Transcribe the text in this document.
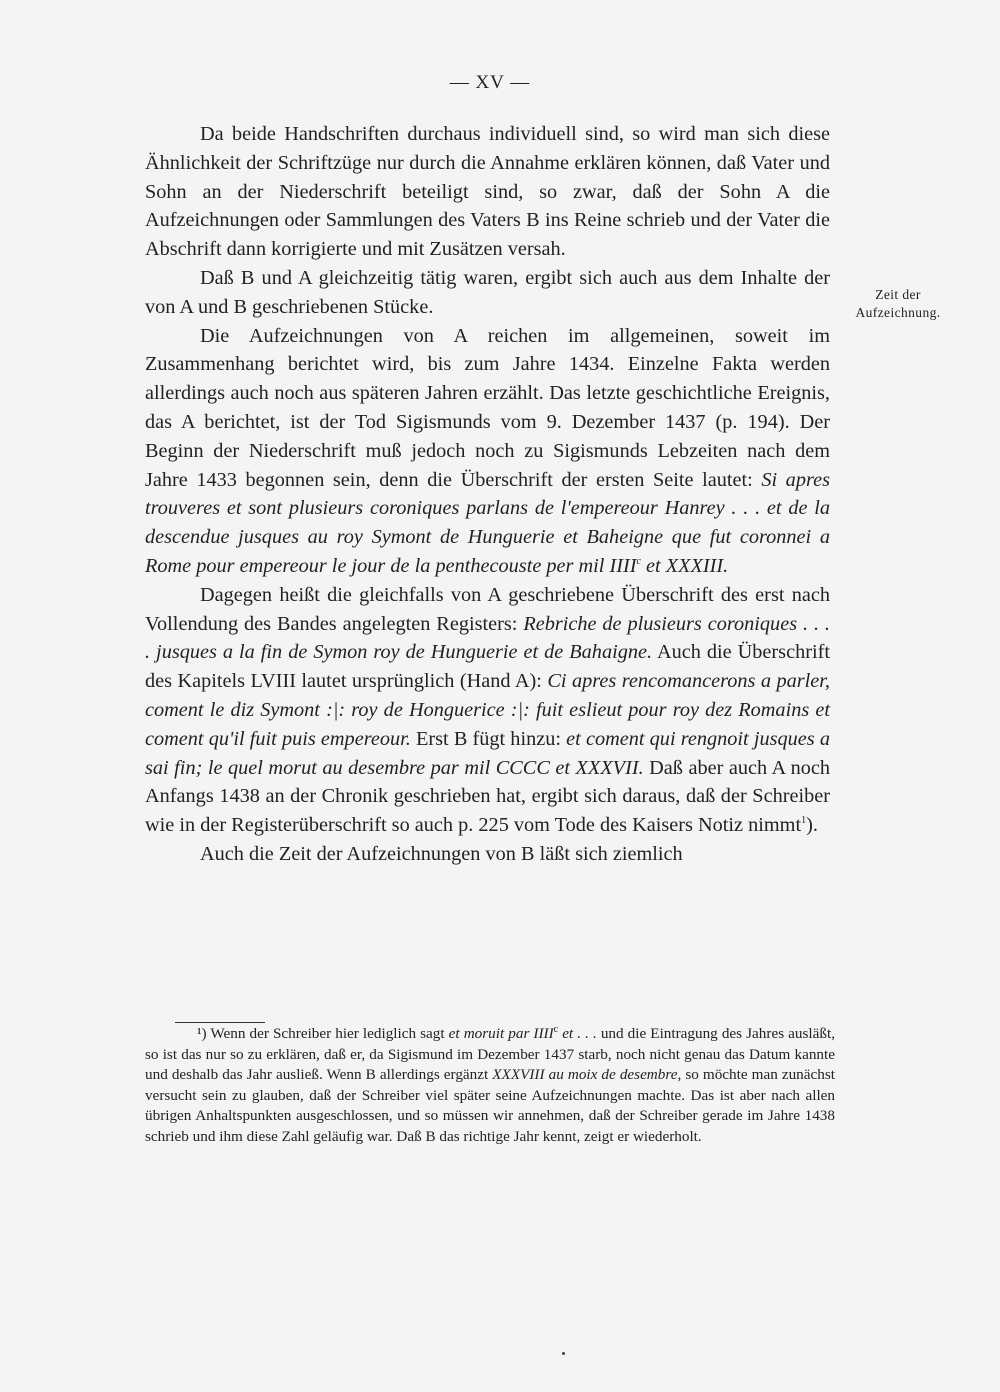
— XV —
Zeit der Aufzeichnung.

Da beide Handschriften durchaus individuell sind, so wird man sich diese Ähnlichkeit der Schriftzüge nur durch die Annahme erklären können, daß Vater und Sohn an der Niederschrift beteiligt sind, so zwar, daß der Sohn A die Aufzeichnungen oder Sammlungen des Vaters B ins Reine schrieb und der Vater die Abschrift dann korrigierte und mit Zusätzen versah.

Daß B und A gleichzeitig tätig waren, ergibt sich auch aus dem Inhalte der von A und B geschriebenen Stücke.

Die Aufzeichnungen von A reichen im allgemeinen, soweit im Zusammenhang berichtet wird, bis zum Jahre 1434. Einzelne Fakta werden allerdings auch noch aus späteren Jahren erzählt. Das letzte geschichtliche Ereignis, das A berichtet, ist der Tod Sigismunds vom 9. Dezember 1437 (p. 194). Der Beginn der Niederschrift muß jedoch noch zu Sigismunds Lebzeiten nach dem Jahre 1433 begonnen sein, denn die Überschrift der ersten Seite lautet: Si apres trouveres et sont plusieurs coroniques parlans de l'empereour Hanrey . . . et de la descendue jusques au roy Symont de Hunguerie et Baheigne que fut coronnei a Rome pour empereour le jour de la penthecouste per mil IIII$^c$ et XXXIII.

Dagegen heißt die gleichfalls von A geschriebene Überschrift des erst nach Vollendung des Bandes angelegten Registers: Rebriche de plusieurs coroniques . . . . jusques a la fin de Symon roy de Hunguerie et de Bahaigne. Auch die Überschrift des Kapitels LVIII lautet ursprünglich (Hand A): Ci apres rencomancerons a parler, coment le diz Symont :|: roy de Honguerice :|: fuit eslieut pour roy dez Romains et coment qu'il fuit puis empereour. Erst B fügt hinzu: et coment qui rengnoit jusques a sai fin; le quel morut au desembre par mil CCCC et XXXVII. Daß aber auch A noch Anfangs 1438 an der Chronik geschrieben hat, ergibt sich daraus, daß der Schreiber wie in der Registerüberschrift so auch p. 225 vom Tode des Kaisers Notiz nimmt$^1$).

Auch die Zeit der Aufzeichnungen von B läßt sich ziemlich

¹) Wenn der Schreiber hier lediglich sagt et moruit par IIII$^c$ et . . . und die Eintragung des Jahres ausläßt, so ist das nur so zu erklären, daß er, da Sigismund im Dezember 1437 starb, noch nicht genau das Datum kannte und deshalb das Jahr ausließ. Wenn B allerdings ergänzt XXXVIII au moix de desembre, so möchte man zunächst versucht sein zu glauben, daß der Schreiber viel später seine Aufzeichnungen machte. Das ist aber nach allen übrigen Anhaltspunkten ausgeschlossen, und so müssen wir annehmen, daß der Schreiber gerade im Jahre 1438 schrieb und ihm diese Zahl geläufig war. Daß B das richtige Jahr kennt, zeigt er wiederholt.
